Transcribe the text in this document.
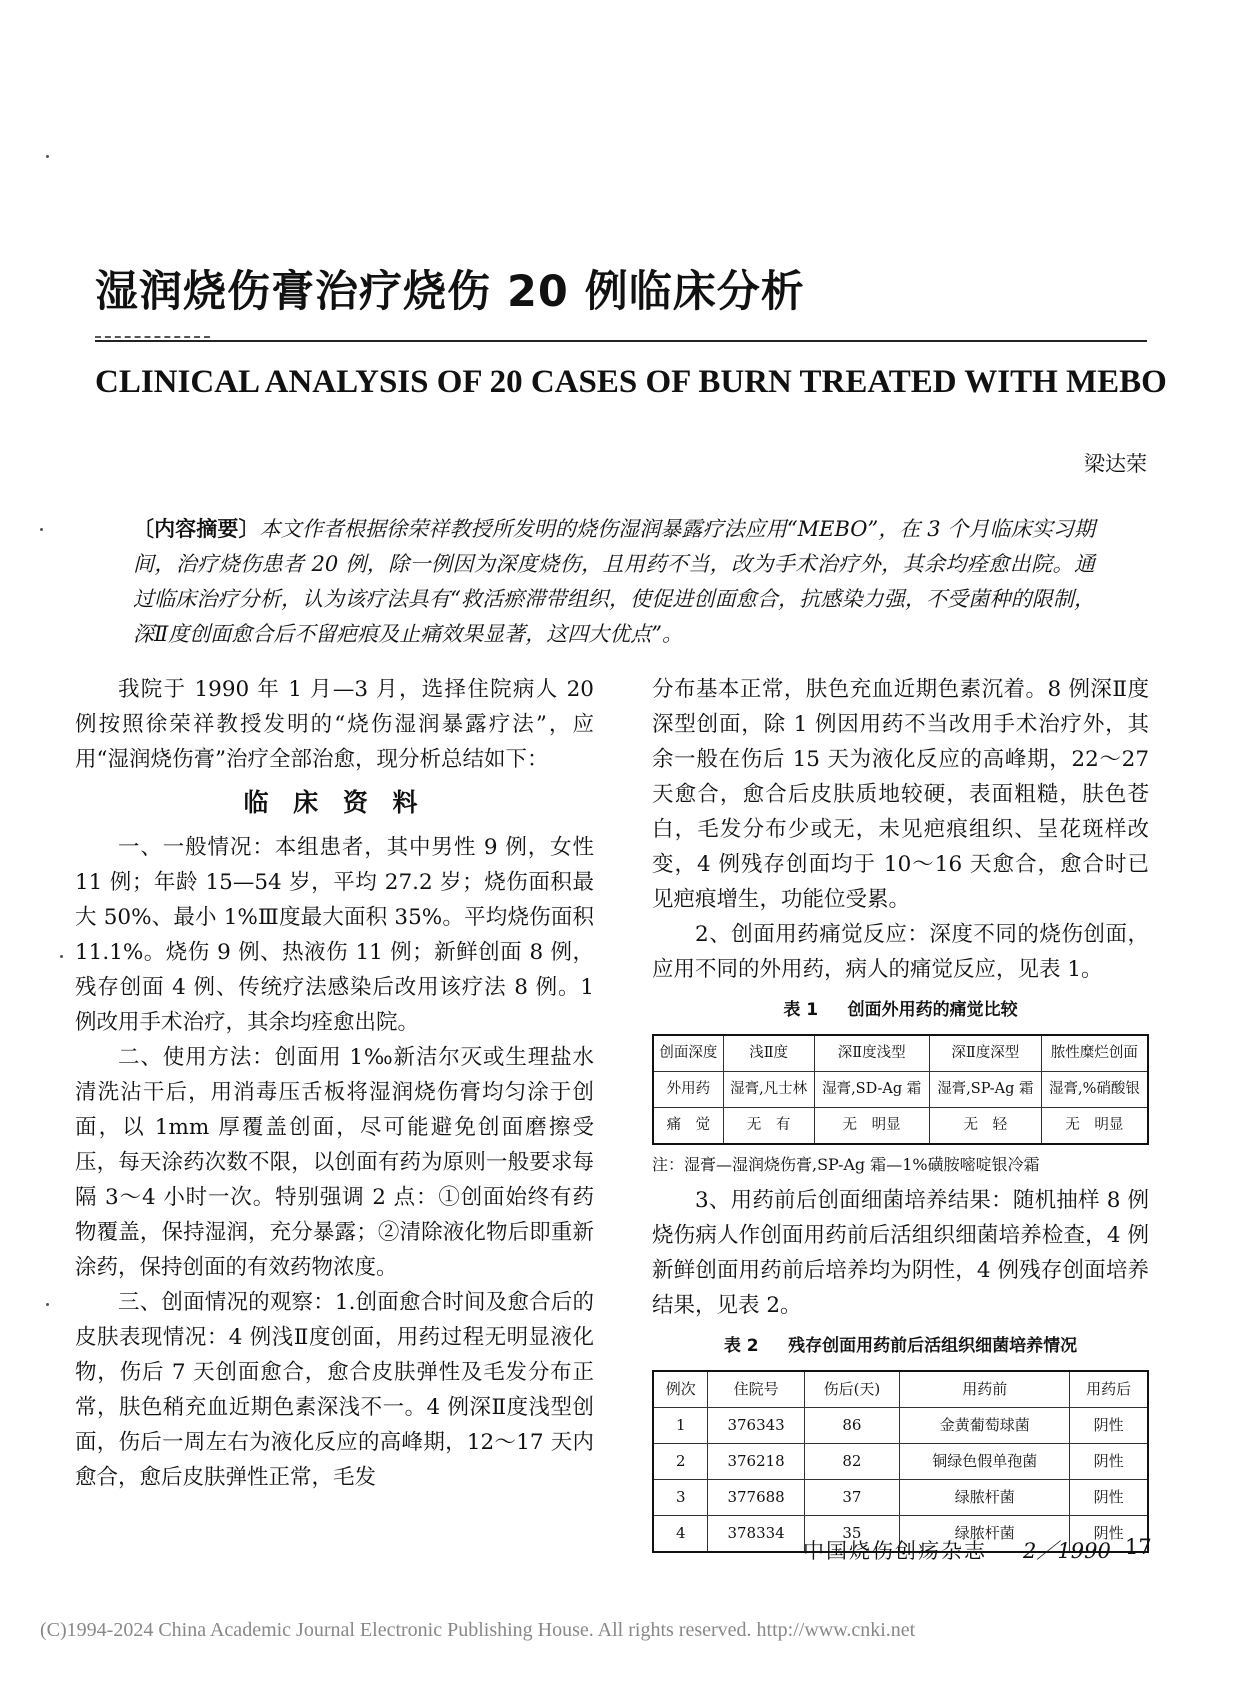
湿润烧伤膏治疗烧伤 20 例临床分析
CLINICAL ANALYSIS OF 20 CASES OF BURN TREATED WITH MEBO
梁达荣
〔内容摘要〕本文作者根据徐荣祥教授所发明的烧伤湿润暴露疗法应用“MEBO”，在 3 个月临床实习期间，治疗烧伤患者 20 例，除一例因为深度烧伤，且用药不当，改为手术治疗外，其余均痊愈出院。通过临床治疗分析，认为该疗法具有“救活瘀滞带组织，使促进创面愈合，抗感染力强，不受菌种的限制，深Ⅱ度创面愈合后不留疤痕及止痛效果显著，这四大优点”。

我院于 1990 年 1 月—3 月，选择住院病人 20 例按照徐荣祥教授发明的“烧伤湿润暴露疗法”，应用“湿润烧伤膏”治疗全部治愈，现分析总结如下：

临 床 资 料

一、一般情况：本组患者，其中男性 9 例，女性 11 例；年龄 15—54 岁，平均 27.2 岁；烧伤面积最大 50%、最小 1%Ⅲ度最大面积 35%。平均烧伤面积 11.1%。烧伤 9 例、热液伤 11 例；新鲜创面 8 例，残存创面 4 例、传统疗法感染后改用该疗法 8 例。1 例改用手术治疗，其余均痊愈出院。

二、使用方法：创面用 1‰新洁尔灭或生理盐水清洗沾干后，用消毒压舌板将湿润烧伤膏均匀涂于创面，以 1mm 厚覆盖创面，尽可能避免创面磨擦受压，每天涂药次数不限，以创面有药为原则一般要求每隔 3～4 小时一次。特别强调 2 点：①创面始终有药物覆盖，保持湿润，充分暴露；②清除液化物后即重新涂药，保持创面的有效药物浓度。

三、创面情况的观察：1.创面愈合时间及愈合后的皮肤表现情况：4 例浅Ⅱ度创面，用药过程无明显液化物，伤后 7 天创面愈合，愈合皮肤弹性及毛发分布正常，肤色稍充血近期色素深浅不一。4 例深Ⅱ度浅型创面，伤后一周左右为液化反应的高峰期，12～17 天内愈合，愈后皮肤弹性正常，毛发

分布基本正常，肤色充血近期色素沉着。8 例深Ⅱ度深型创面，除 1 例因用药不当改用手术治疗外，其余一般在伤后 15 天为液化反应的高峰期，22～27 天愈合，愈合后皮肤质地较硬，表面粗糙，肤色苍白，毛发分布少或无，未见疤痕组织、呈花斑样改变，4 例残存创面均于 10～16 天愈合，愈合时已见疤痕增生，功能位受累。

2、创面用药痛觉反应：深度不同的烧伤创面，应用不同的外用药，病人的痛觉反应，见表 1。

表 1     创面外用药的痛觉比较
创面深度	浅Ⅱ度	深Ⅱ度浅型	深Ⅱ度深型	脓性糜烂创面
外用药	湿膏,凡士林	湿膏,SD-Ag 霜	湿膏,SP-Ag 霜	湿膏,%硝酸银
痛　觉	无　有	无　明显	无　轻	无　明显
注：湿膏—湿润烧伤膏,SP-Ag 霜—1%磺胺嘧啶银冷霜

3、用药前后创面细菌培养结果：随机抽样 8 例烧伤病人作创面用药前后活组织细菌培养检查，4 例新鲜创面用药前后培养均为阴性，4 例残存创面培养结果，见表 2。

表 2     残存创面用药前后活组织细菌培养情况
例次	住院号	伤后(天)	用药前	用药后
1	376343	86	金黄葡萄球菌	阴性
2	376218	82	铜绿色假单孢菌	阴性
3	377688	37	绿脓杆菌	阴性
4	378334	35	绿脓杆菌	阴性
中国烧伤创疡杂志 2／1990 17
(C)1994-2024 China Academic Journal Electronic Publishing House. All rights reserved. http://www.cnki.net
